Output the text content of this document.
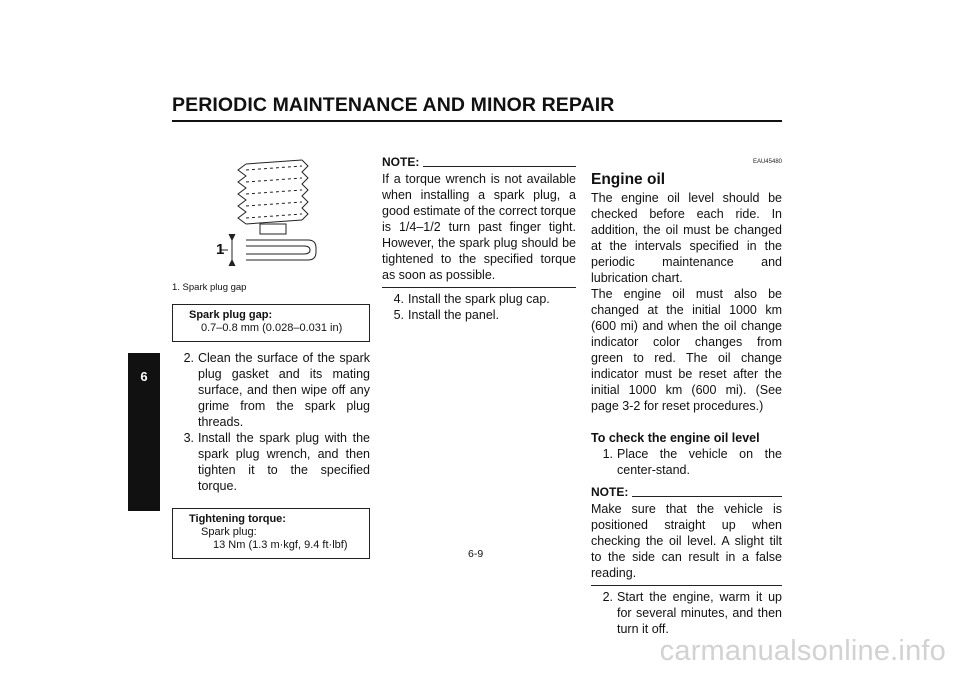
PERIODIC MAINTENANCE AND MINOR REPAIR
6
1
1. Spark plug gap
Spark plug gap:
0.7–0.8 mm (0.028–0.031 in)
2. Clean the surface of the spark plug gasket and its mating surface, and then wipe off any grime from the spark plug threads.
3. Install the spark plug with the spark plug wrench, and then tighten it to the specified torque.
Tightening torque:
Spark plug:
13 Nm (1.3 m·kgf, 9.4 ft·lbf)
NOTE:
If a torque wrench is not available when installing a spark plug, a good estimate of the correct torque is 1/4–1/2 turn past finger tight. However, the spark plug should be tightened to the specified torque as soon as possible.
4. Install the spark plug cap.
5. Install the panel.
EAU45480
Engine oil
The engine oil level should be checked before each ride. In addition, the oil must be changed at the intervals specified in the periodic maintenance and lubrication chart.
The engine oil must also be changed at the initial 1000 km (600 mi) and when the oil change indicator color changes from green to red. The oil change indicator must be reset after the initial 1000 km (600 mi). (See page 3-2 for reset procedures.)
To check the engine oil level
1. Place the vehicle on the center-stand.
NOTE:
Make sure that the vehicle is positioned straight up when checking the oil level. A slight tilt to the side can result in a false reading.
2. Start the engine, warm it up for several minutes, and then turn it off.
6-9
carmanualsonline.info
